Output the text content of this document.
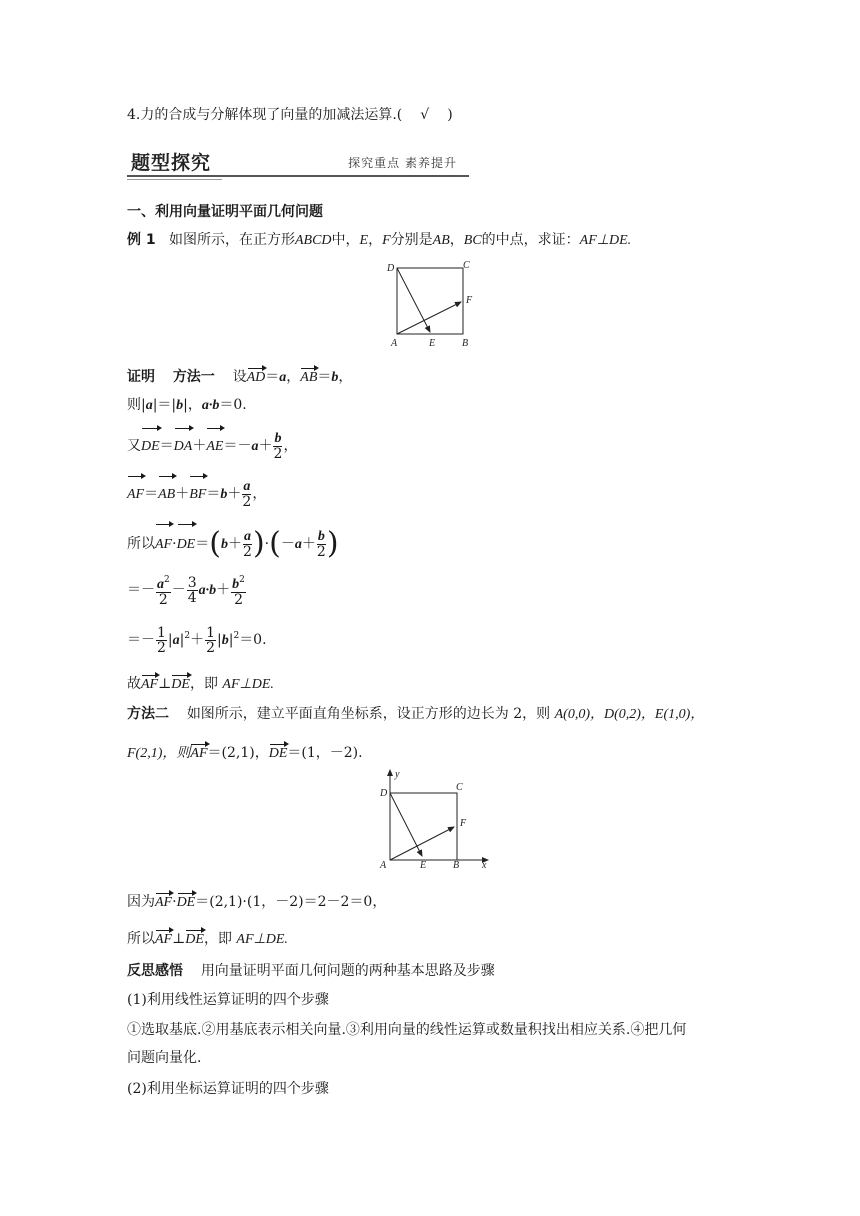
4.力的合成与分解体现了向量的加减法运算.( √ )
题型探究	探究重点 素养提升
一、利用向量证明平面几何问题
例 1 如图所示，在正方形ABCD中，E，F分别是AB，BC的中点，求证：AF⊥DE.
D	C
F
A	E	B
证明 方法一 设AD＝a，AB＝b，
则|a|＝|b|，a·b＝0.
又$DE=DA+AE=-a+ \frac{b}{2}$ ，
$AF=AB+BF=b+ \frac{a}{2}$ ，
所以$AF\cdot DE=(b+ \frac{a}{2} )\cdot(-a+ \frac{b}{2}$ )
＝－ $\frac{a^2}{2} - \frac{3}{4} a\cdot b+ \frac{b^2}{2}$
＝－ $\frac{1}{2} |a|^2+ \frac{1}{2} |b|^2=0$.
故AF⊥DE，即 AF⊥DE.
方法二 如图所示，建立平面直角坐标系，设正方形的边长为 2，则 A(0,0)，D(0,2)，E(1,0)，
F(2,1)，则AF＝(2,1)，DE＝(1，－2).
y
D
C
F
A	E	B x
因为AF·DE＝(2,1)·(1，－2)＝2－2＝0，
所以AF⊥DE，即 AF⊥DE.
反思感悟 用向量证明平面几何问题的两种基本思路及步骤
(1)利用线性运算证明的四个步骤
①选取基底.②用基底表示相关向量.③利用向量的线性运算或数量积找出相应关系.④把几何
问题向量化.
(2)利用坐标运算证明的四个步骤
